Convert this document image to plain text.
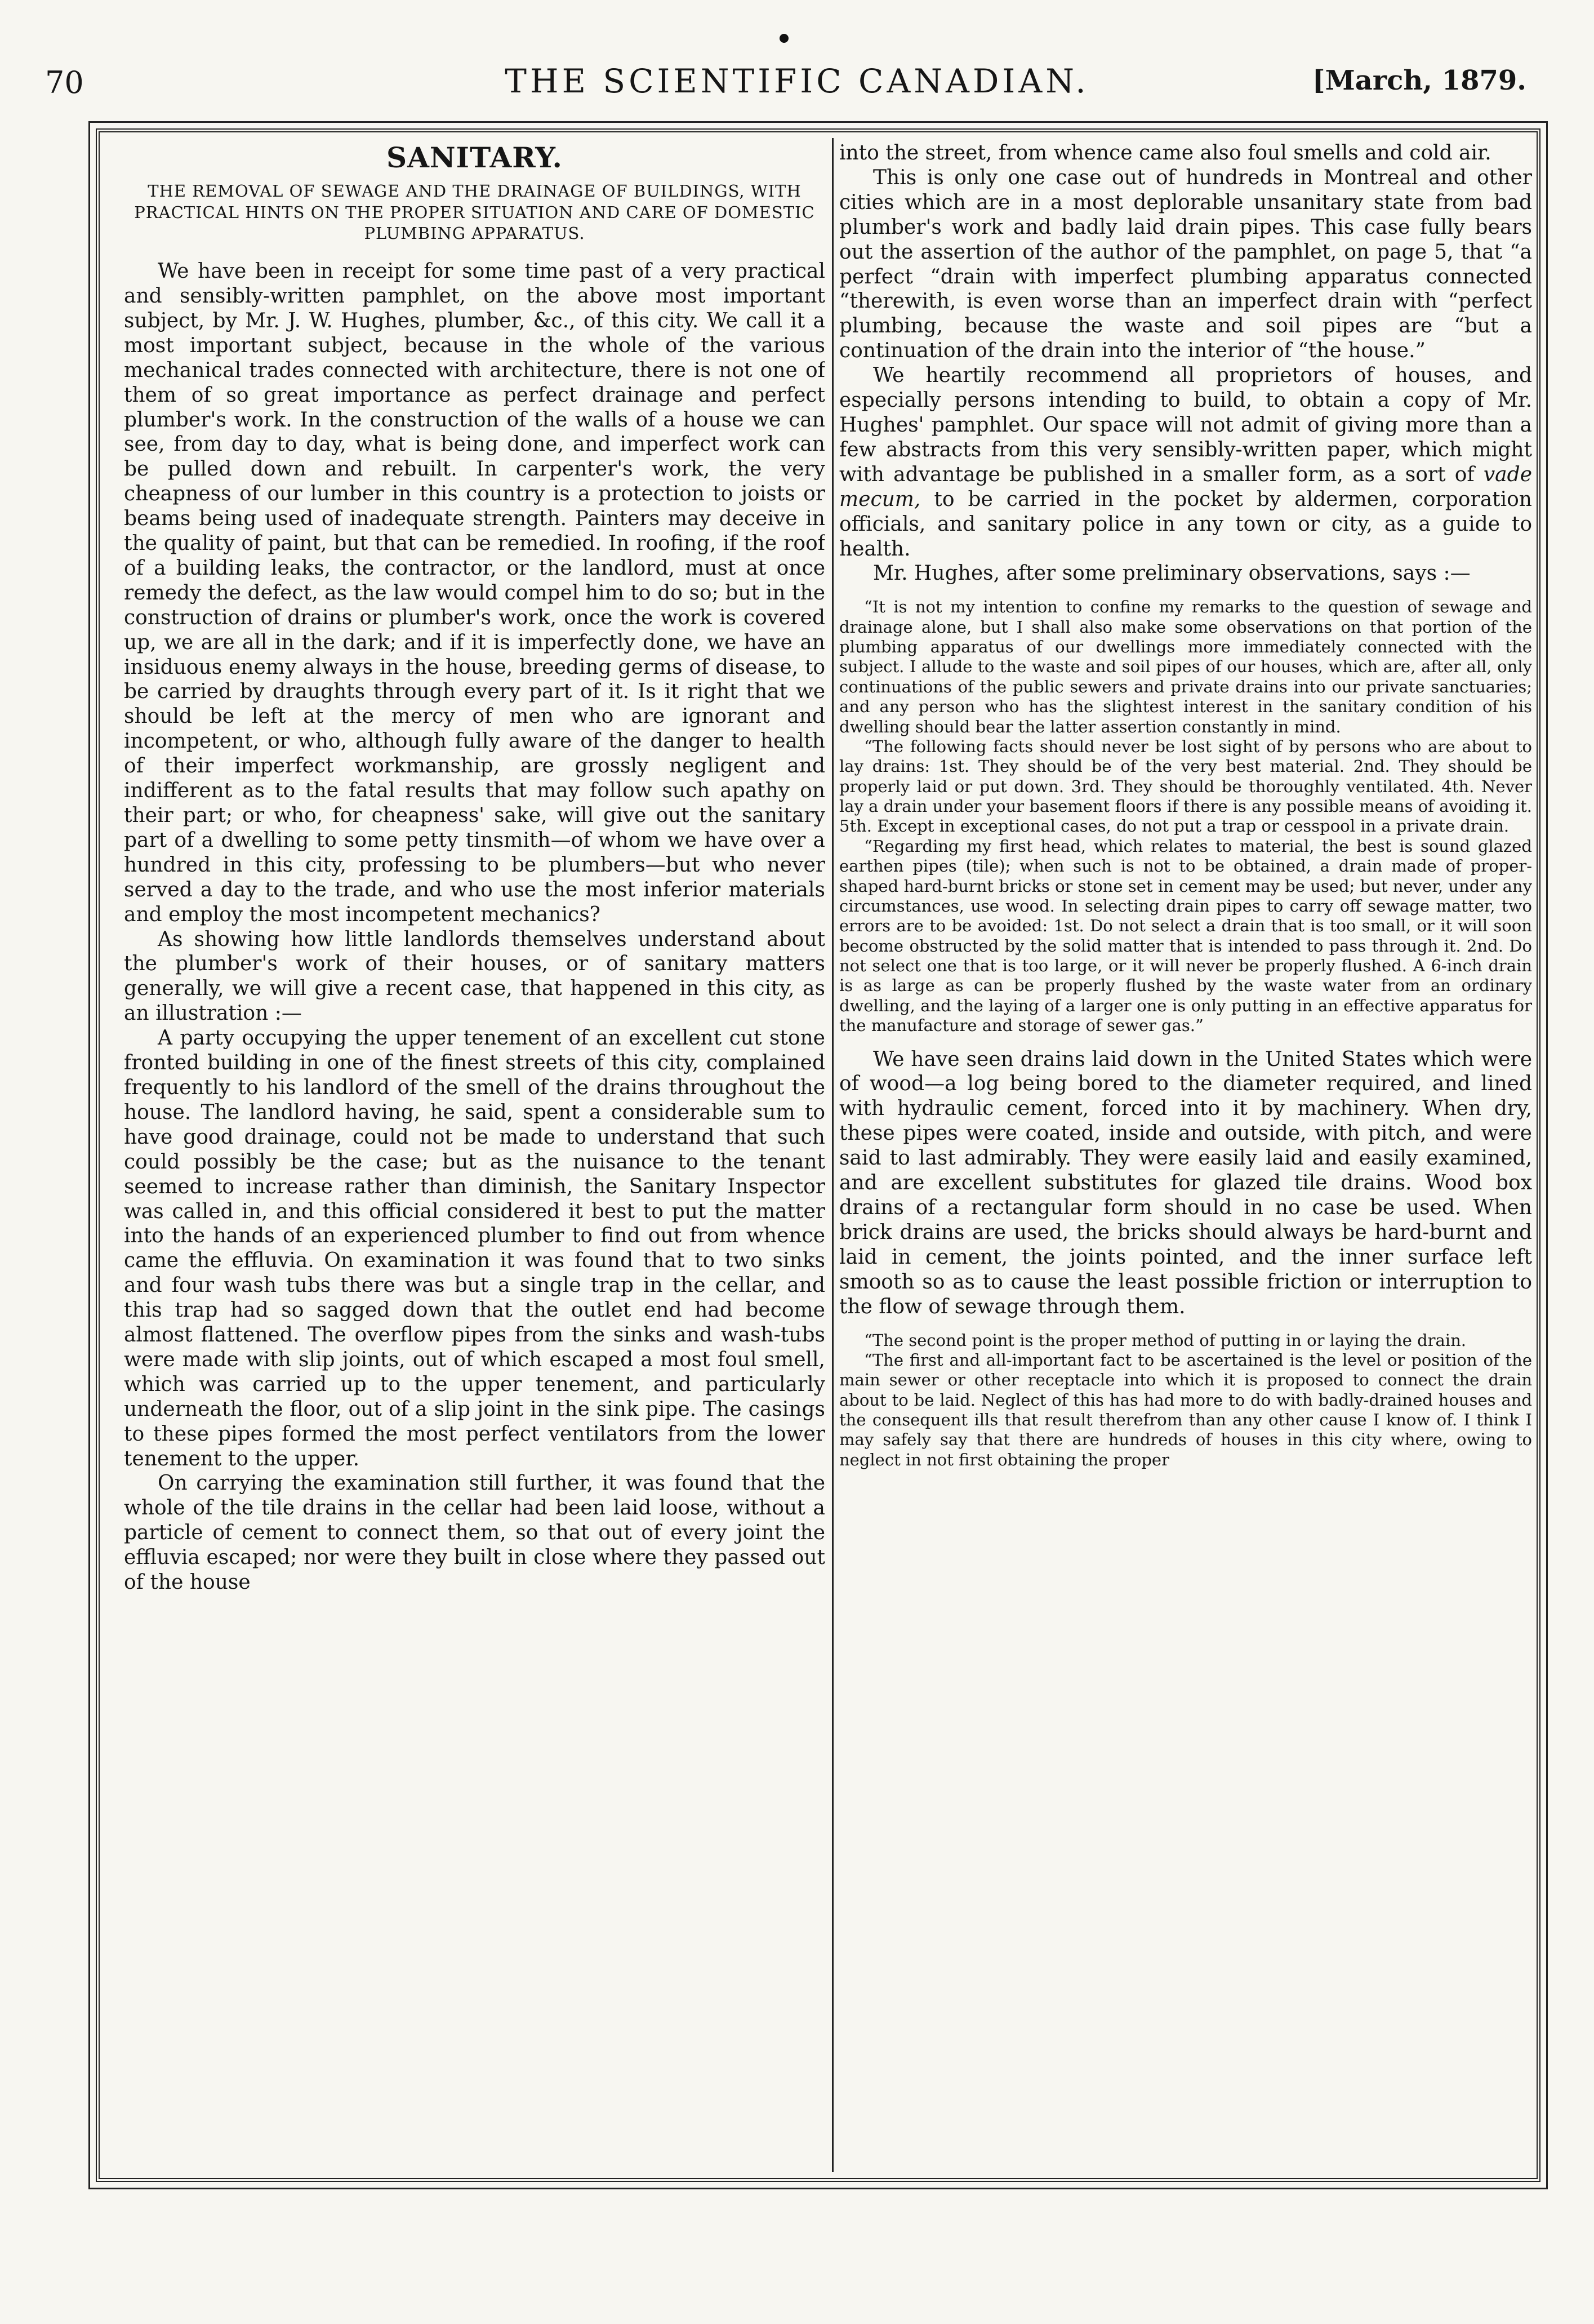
70	THE SCIENTIFIC CANADIAN.	[March, 1879.

SANITARY.

THE REMOVAL OF SEWAGE AND THE DRAINAGE OF BUILDINGS, WITH PRACTICAL HINTS ON THE PROPER SITUATION AND CARE OF DOMESTIC PLUMBING APPARATUS.

We have been in receipt for some time past of a very practical and sensibly-written pamphlet, on the above most important subject, by Mr. J. W. Hughes, plumber, &c., of this city. We call it a most important subject, because in the whole of the various mechanical trades connected with architecture, there is not one of them of so great importance as perfect drainage and perfect plumber's work. In the construction of the walls of a house we can see, from day to day, what is being done, and imperfect work can be pulled down and rebuilt. In carpenter's work, the very cheapness of our lumber in this country is a protection to joists or beams being used of inadequate strength. Painters may deceive in the quality of paint, but that can be remedied. In roofing, if the roof of a building leaks, the contractor, or the landlord, must at once remedy the defect, as the law would compel him to do so; but in the construction of drains or plumber's work, once the work is covered up, we are all in the dark; and if it is imperfectly done, we have an insiduous enemy always in the house, breeding germs of disease, to be carried by draughts through every part of it. Is it right that we should be left at the mercy of men who are ignorant and incompetent, or who, although fully aware of the danger to health of their imperfect workmanship, are grossly negligent and indifferent as to the fatal results that may follow such apathy on their part; or who, for cheapness' sake, will give out the sanitary part of a dwelling to some petty tinsmith—of whom we have over a hundred in this city, professing to be plumbers—but who never served a day to the trade, and who use the most inferior materials and employ the most incompetent mechanics?

As showing how little landlords themselves understand about the plumber's work of their houses, or of sanitary matters generally, we will give a recent case, that happened in this city, as an illustration :—

A party occupying the upper tenement of an excellent cut stone fronted building in one of the finest streets of this city, complained frequently to his landlord of the smell of the drains throughout the house. The landlord having, he said, spent a considerable sum to have good drainage, could not be made to understand that such could possibly be the case; but as the nuisance to the tenant seemed to increase rather than diminish, the Sanitary Inspector was called in, and this official considered it best to put the matter into the hands of an experienced plumber to find out from whence came the effluvia. On examination it was found that to two sinks and four wash tubs there was but a single trap in the cellar, and this trap had so sagged down that the outlet end had become almost flattened. The overflow pipes from the sinks and wash-tubs were made with slip joints, out of which escaped a most foul smell, which was carried up to the upper tenement, and particularly underneath the floor, out of a slip joint in the sink pipe. The casings to these pipes formed the most perfect ventilators from the lower tenement to the upper.

On carrying the examination still further, it was found that the whole of the tile drains in the cellar had been laid loose, without a particle of cement to connect them, so that out of every joint the effluvia escaped; nor were they built in close where they passed out of the house

into the street, from whence came also foul smells and cold air.

This is only one case out of hundreds in Montreal and other cities which are in a most deplorable unsanitary state from bad plumber's work and badly laid drain pipes. This case fully bears out the assertion of the author of the pamphlet, on page 5, that “a perfect “drain with imperfect plumbing apparatus connected “therewith, is even worse than an imperfect drain with “perfect plumbing, because the waste and soil pipes are “but a continuation of the drain into the interior of “the house.”

We heartily recommend all proprietors of houses, and especially persons intending to build, to obtain a copy of Mr. Hughes' pamphlet. Our space will not admit of giving more than a few abstracts from this very sensibly-written paper, which might with advantage be published in a smaller form, as a sort of vade mecum, to be carried in the pocket by aldermen, corporation officials, and sanitary police in any town or city, as a guide to health.

Mr. Hughes, after some preliminary observations, says :—

“It is not my intention to confine my remarks to the question of sewage and drainage alone, but I shall also make some observations on that portion of the plumbing apparatus of our dwellings more immediately connected with the subject. I allude to the waste and soil pipes of our houses, which are, after all, only continuations of the public sewers and private drains into our private sanctuaries; and any person who has the slightest interest in the sanitary condition of his dwelling should bear the latter assertion constantly in mind.

“The following facts should never be lost sight of by persons who are about to lay drains: 1st. They should be of the very best material. 2nd. They should be properly laid or put down. 3rd. They should be thoroughly ventilated. 4th. Never lay a drain under your basement floors if there is any possible means of avoiding it. 5th. Except in exceptional cases, do not put a trap or cesspool in a private drain.

“Regarding my first head, which relates to material, the best is sound glazed earthen pipes (tile); when such is not to be obtained, a drain made of proper-shaped hard-burnt bricks or stone set in cement may be used; but never, under any circumstances, use wood. In selecting drain pipes to carry off sewage matter, two errors are to be avoided: 1st. Do not select a drain that is too small, or it will soon become obstructed by the solid matter that is intended to pass through it. 2nd. Do not select one that is too large, or it will never be properly flushed. A 6-inch drain is as large as can be properly flushed by the waste water from an ordinary dwelling, and the laying of a larger one is only putting in an effective apparatus for the manufacture and storage of sewer gas.”

We have seen drains laid down in the United States which were of wood—a log being bored to the diameter required, and lined with hydraulic cement, forced into it by machinery. When dry, these pipes were coated, inside and outside, with pitch, and were said to last admirably. They were easily laid and easily examined, and are excellent substitutes for glazed tile drains. Wood box drains of a rectangular form should in no case be used. When brick drains are used, the bricks should always be hard-burnt and laid in cement, the joints pointed, and the inner surface left smooth so as to cause the least possible friction or interruption to the flow of sewage through them.

“The second point is the proper method of putting in or laying the drain.

“The first and all-important fact to be ascertained is the level or position of the main sewer or other receptacle into which it is proposed to connect the drain about to be laid. Neglect of this has had more to do with badly-drained houses and the consequent ills that result therefrom than any other cause I know of. I think I may safely say that there are hundreds of houses in this city where, owing to neglect in not first obtaining the proper
